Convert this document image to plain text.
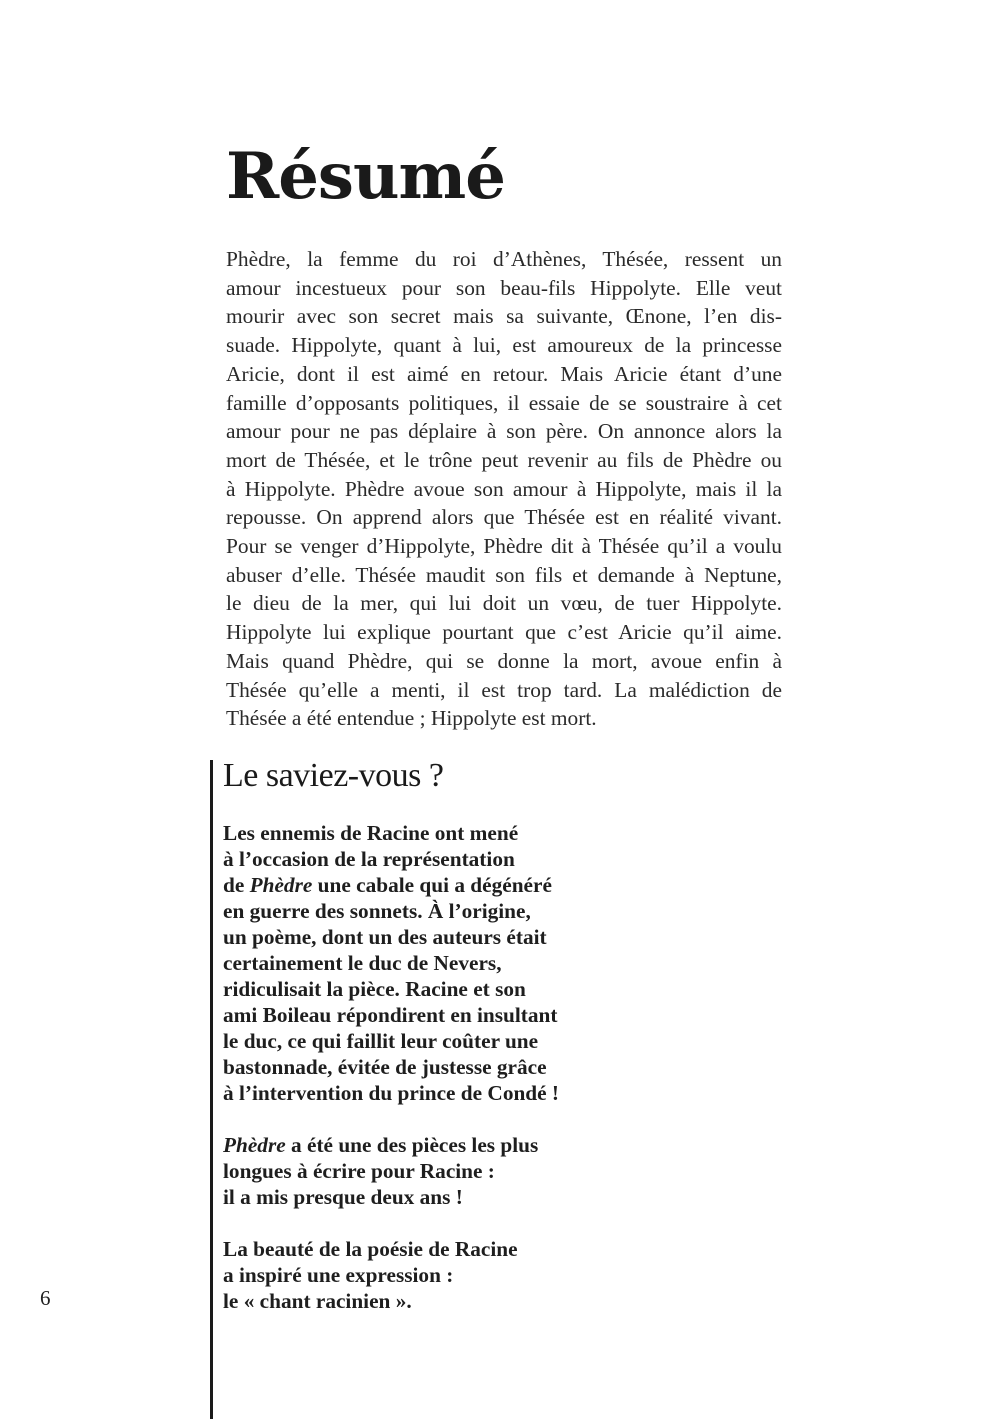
Résumé
Phèdre, la femme du roi d’Athènes, Thésée, ressent un
amour incestueux pour son beau-fils Hippolyte. Elle veut
mourir avec son secret mais sa suivante, Œnone, l’en dis-
suade. Hippolyte, quant à lui, est amoureux de la princesse
Aricie, dont il est aimé en retour. Mais Aricie étant d’une
famille d’opposants politiques, il essaie de se soustraire à cet
amour pour ne pas déplaire à son père. On annonce alors la
mort de Thésée, et le trône peut revenir au fils de Phèdre ou
à Hippolyte. Phèdre avoue son amour à Hippolyte, mais il la
repousse. On apprend alors que Thésée est en réalité vivant.
Pour se venger d’Hippolyte, Phèdre dit à Thésée qu’il a voulu
abuser d’elle. Thésée maudit son fils et demande à Neptune,
le dieu de la mer, qui lui doit un vœu, de tuer Hippolyte.
Hippolyte lui explique pourtant que c’est Aricie qu’il aime.
Mais quand Phèdre, qui se donne la mort, avoue enfin à
Thésée qu’elle a menti, il est trop tard. La malédiction de
Thésée a été entendue ; Hippolyte est mort.
Le saviez-vous ?

Les ennemis de Racine ont mené
à l’occasion de la représentation
de Phèdre une cabale qui a dégénéré
en guerre des sonnets. À l’origine,
un poème, dont un des auteurs était
certainement le duc de Nevers,
ridiculisait la pièce. Racine et son
ami Boileau répondirent en insultant
le duc, ce qui faillit leur coûter une
bastonnade, évitée de justesse grâce
à l’intervention du prince de Condé !

Phèdre a été une des pièces les plus
longues à écrire pour Racine :
il a mis presque deux ans !

La beauté de la poésie de Racine
a inspiré une expression :
le « chant racinien ».

6
